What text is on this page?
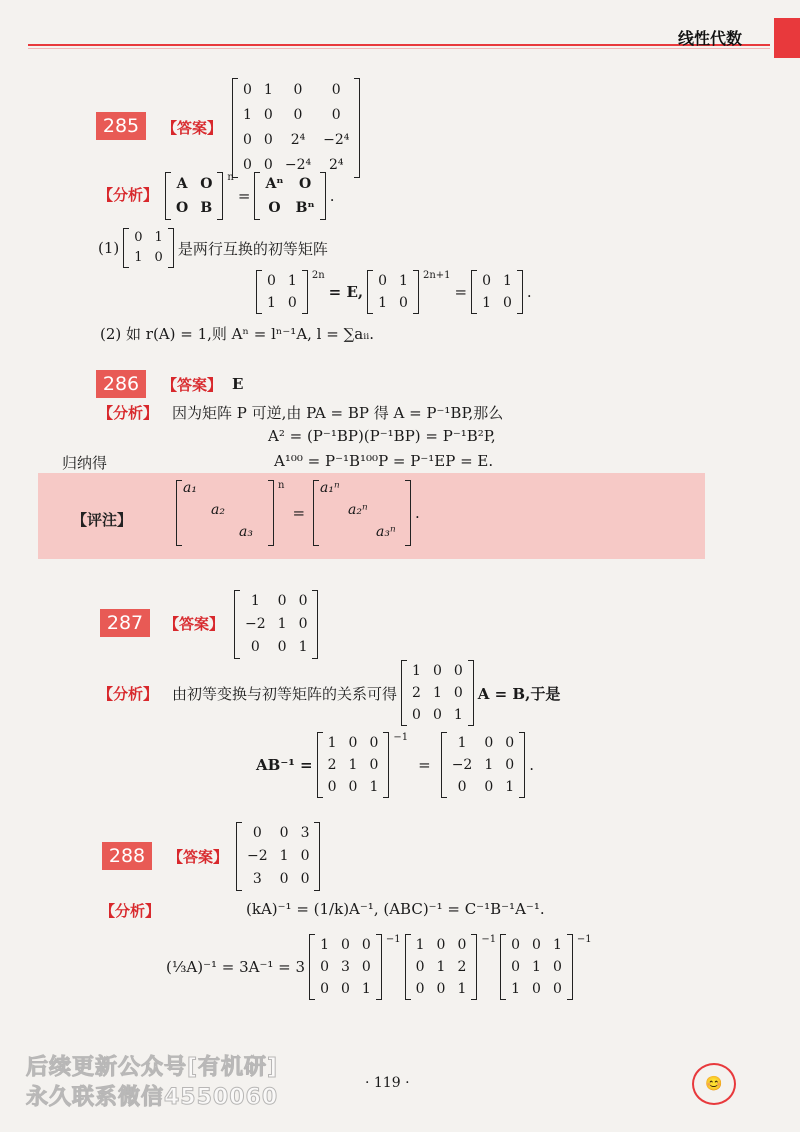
线性代数
285	【答案】
0 1	0	0
1 0	0	0
0 0	2⁴	−2⁴
0 0 −2⁴	2⁴
【分析】
A O
O B
$^n$
=
Aⁿ	O
O	Bⁿ
.
(1)
0 1
1 0	是两行互换的初等矩阵
0 1
1 0
$^{2n}$
= E,
0 1
1 0
$^{2n+1}$
=
0 1
1 0
.
(2) 如 r(A) = 1,则 Aⁿ = lⁿ⁻¹A, l = ∑aᵢᵢ.
286	【答案】 E
【分析】 因为矩阵 P 可逆,由 PA = BP 得 A = P⁻¹BP,那么
A² = (P⁻¹BP)(P⁻¹BP) = P⁻¹B²P,
归纳得	A¹⁰⁰ = P⁻¹B¹⁰⁰P = P⁻¹EP = E.
【评注】
a₁
a₂
a₃
$^n$
=
a₁ⁿ
a₂ⁿ
a₃ⁿ
.
287	【答案】
1	0 0
−2 1 0
0	0 1
【分析】 由初等变换与初等矩阵的关系可得
1 0 0
2 1 0
0 0 1
A = B,于是
AB⁻¹ =
1 0 0
2 1 0
0 0 1
$^{-1}$
=
1	0 0
−2 1 0
0	0 1
.
288	【答案】
0	0 3
−2 1 0
3	0 0
【分析】	(kA)⁻¹ = (1/k)A⁻¹, (ABC)⁻¹ = C⁻¹B⁻¹A⁻¹.
(⅓A)⁻¹ = 3A⁻¹ = 3
1 0 0
0 3 0
0 0 1
$^{-1}$	1 0 0
0 1 2
0 0 1
$^{-1}$	0 0 1
0 1 0
1 0 0
$^{-1}$
后续更新公众号[有机研]
永久联系微信4550060
· 119 ·	😊
